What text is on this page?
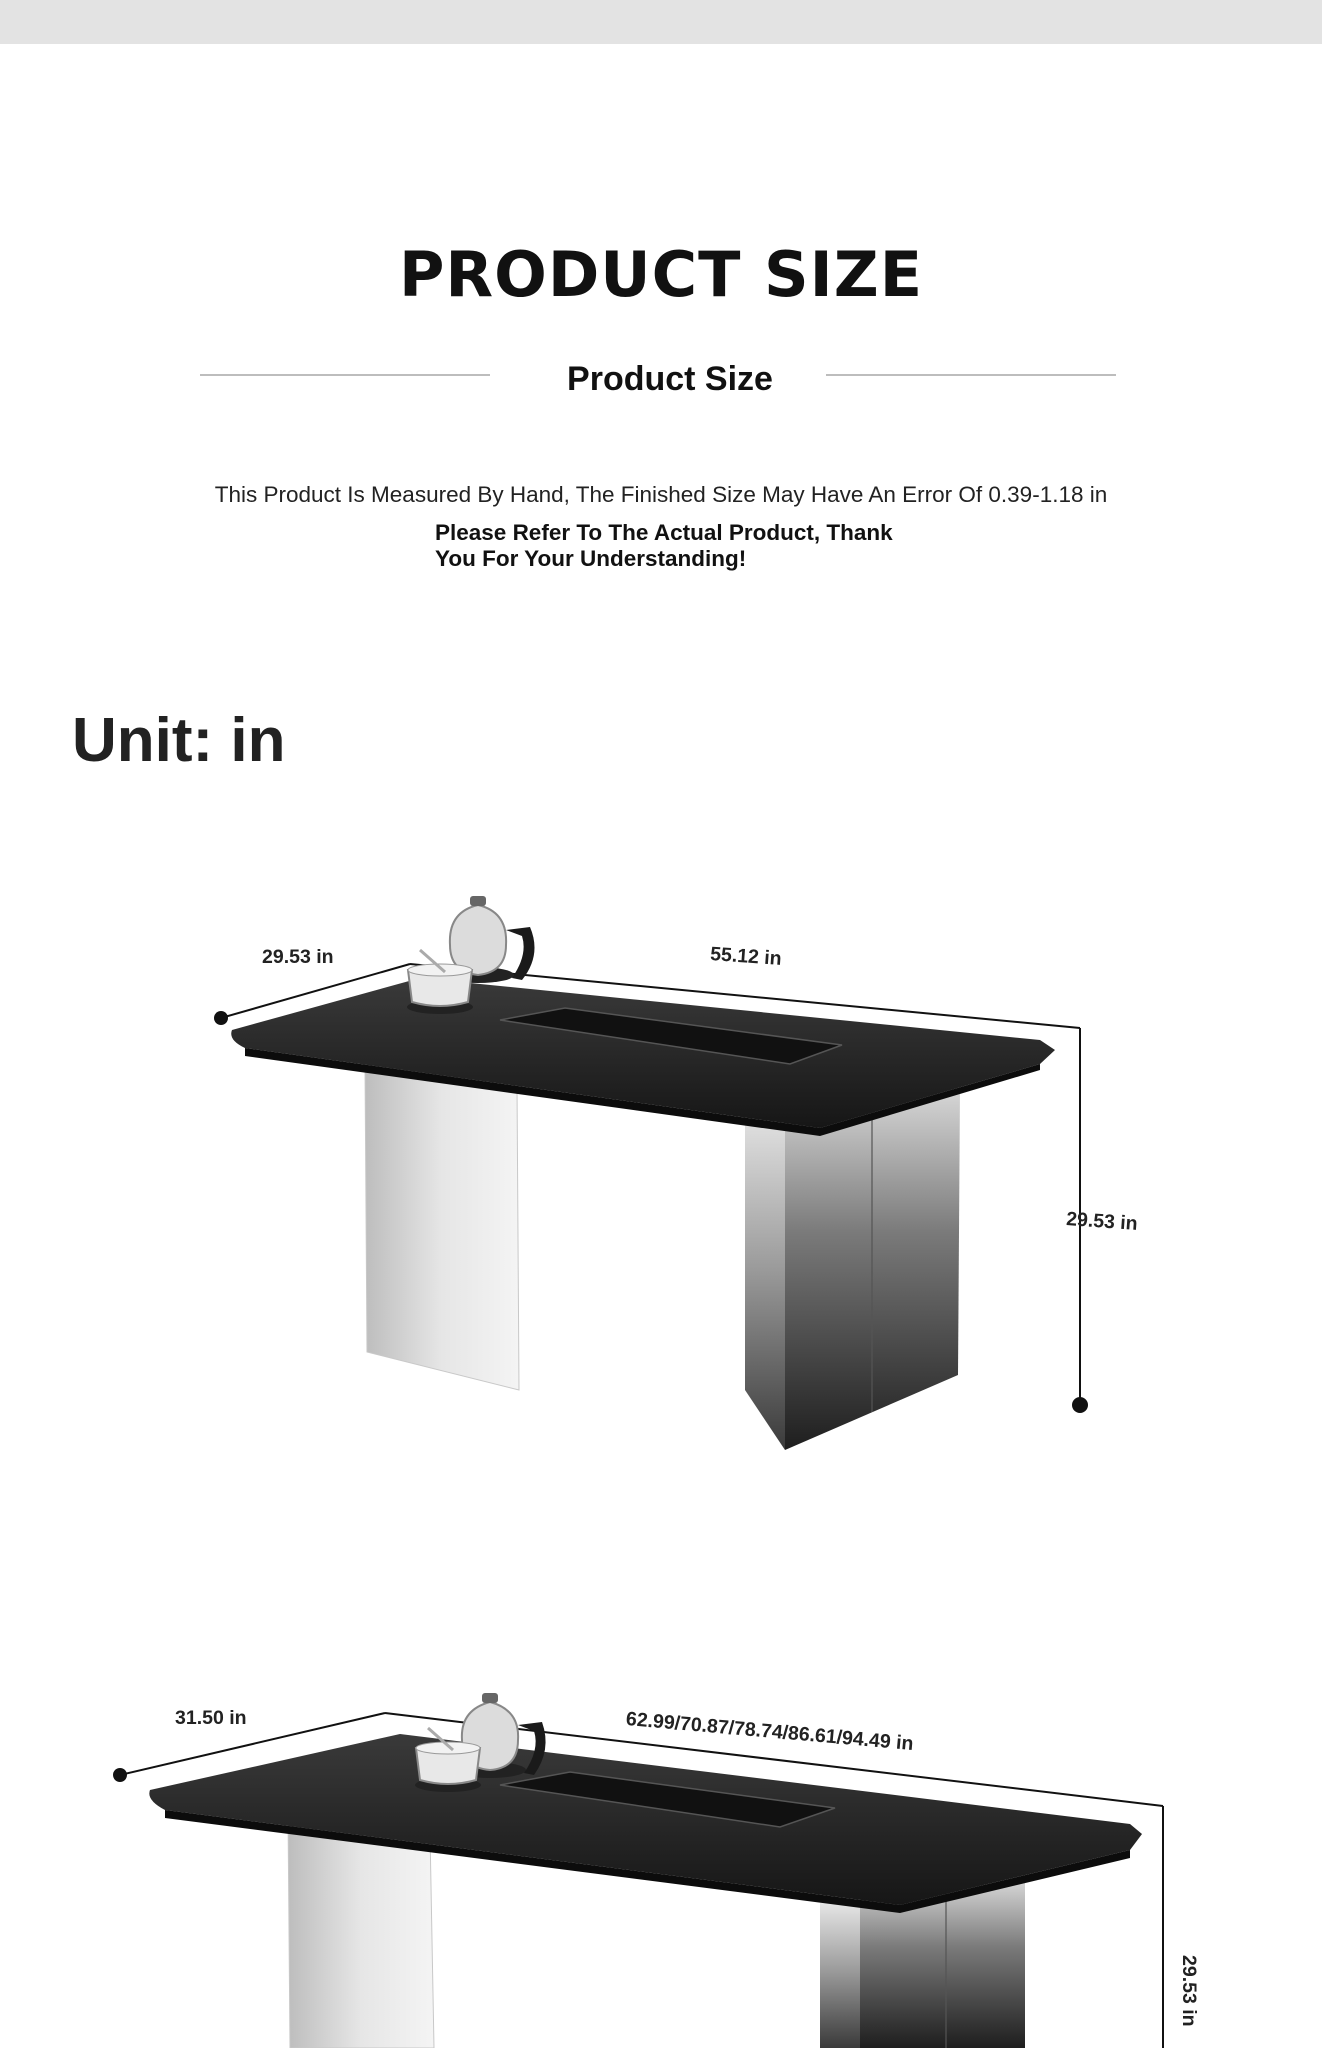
PRODUCT SIZE
Product Size
This Product Is Measured By Hand, The Finished Size May Have An Error Of 0.39-1.18 in
Please Refer To The Actual Product, Thank You For Your Understanding!
Unit: in
29.53 in	55.12 in
29.53 in
31.50 in	62.99/70.87/78.74/86.61/94.49 in
29.53 in
